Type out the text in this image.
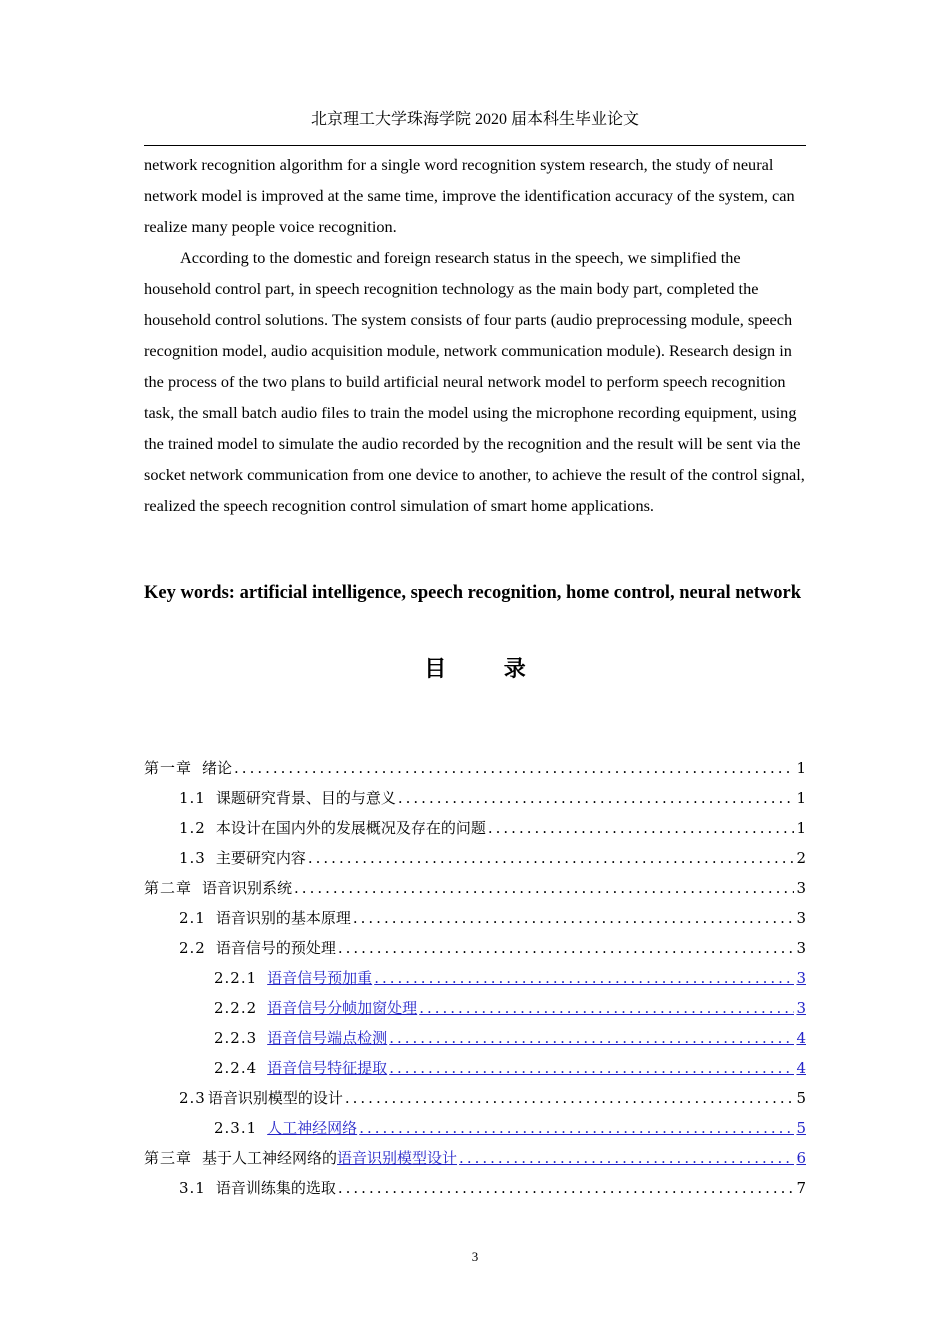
北京理工大学珠海学院 2020 届本科生毕业论文

network recognition algorithm for a single word recognition system research, the study of neural network model is improved at the same time, improve the identification accuracy of the system, can realize many people voice recognition.

According to the domestic and foreign research status in the speech, we simplified the household control part, in speech recognition technology as the main body part, completed the household control solutions. The system consists of four parts (audio preprocessing module, speech recognition model, audio acquisition module, network communication module). Research design in the process of the two plans to build artificial neural network model to perform speech recognition task, the small batch audio files to train the model using the microphone recording equipment, using the trained model to simulate the audio recorded by the recognition and the result will be sent via the socket network communication from one device to another, to achieve the result of the control signal, realized the speech recognition control simulation of smart home applications.

Key words: artificial intelligence, speech recognition, home control, neural network
目 录
第一章 绪论 .....	1
1.1 课题研究背景、目的与意义 .....	1
1.2 本设计在国内外的发展概况及存在的问题 .....	1
1.3 主要研究内容 .....	2
第二章 语音识别系统 .....	3
2.1 语音识别的基本原理 .....	3
2.2 语音信号的预处理 .....	3
2.2.1 语音信号预加重 .....	3
2.2.2 语音信号分帧加窗处理 .....	3
2.2.3 语音信号端点检测 .....	4
2.2.4 语音信号特征提取 .....	4
2.3 语音识别模型的设计 .....	5
2.3.1 人工神经网络 .....	5
第三章 基于人工神经网络的 语音识别模型设计 .....	6
3.1 语音训练集的选取 .....	7
3
